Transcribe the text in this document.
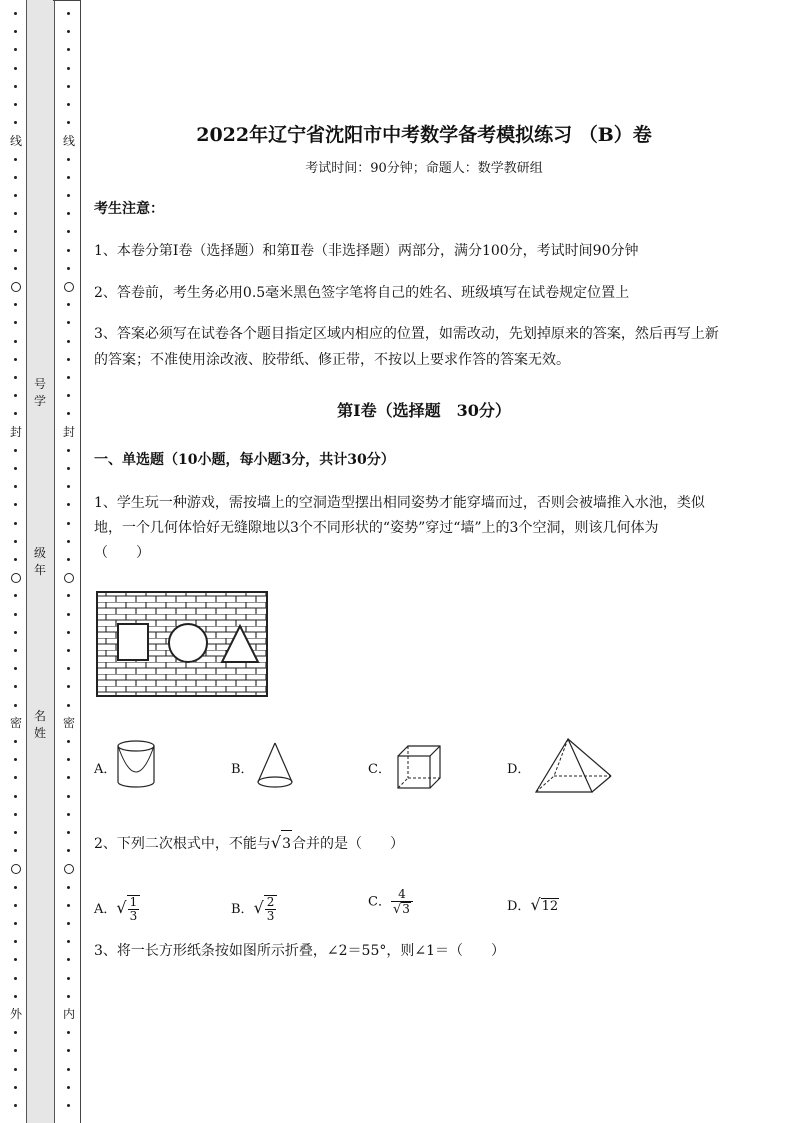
线
封
密
外
线
封
密
内
号
学
级
年
名
姓
2022年辽宁省沈阳市中考数学备考模拟练习 （B）卷
考试时间：90分钟；命题人：数学教研组
考生注意：
1、本卷分第I卷（选择题）和第Ⅱ卷（非选择题）两部分，满分100分，考试时间90分钟
2、答卷前，考生务必用0.5毫米黑色签字笔将自己的姓名、班级填写在试卷规定位置上
3、答案必须写在试卷各个题目指定区域内相应的位置，如需改动，先划掉原来的答案，然后再写上新
的答案；不准使用涂改液、胶带纸、修正带，不按以上要求作答的答案无效。
第I卷（选择题　30分）
一、单选题（10小题，每小题3分，共计30分）
1、学生玩一种游戏，需按墙上的空洞造型摆出相同姿势才能穿墙而过，否则会被墙推入水池，类似
地，一个几何体恰好无缝隙地以3个不同形状的“姿势”穿过“墙”上的3个空洞，则该几何体为
（　　）
A．	B．	C．	D．
2、下列二次根式中，不能与√3合并的是（　　）
A．√ $\frac{1}{3}$	B．√ $\frac{2}{3}$	C． $\frac{4}{√3}$	D．√12
3、将一长方形纸条按如图所示折叠，∠2＝55°，则∠1＝（　　）
